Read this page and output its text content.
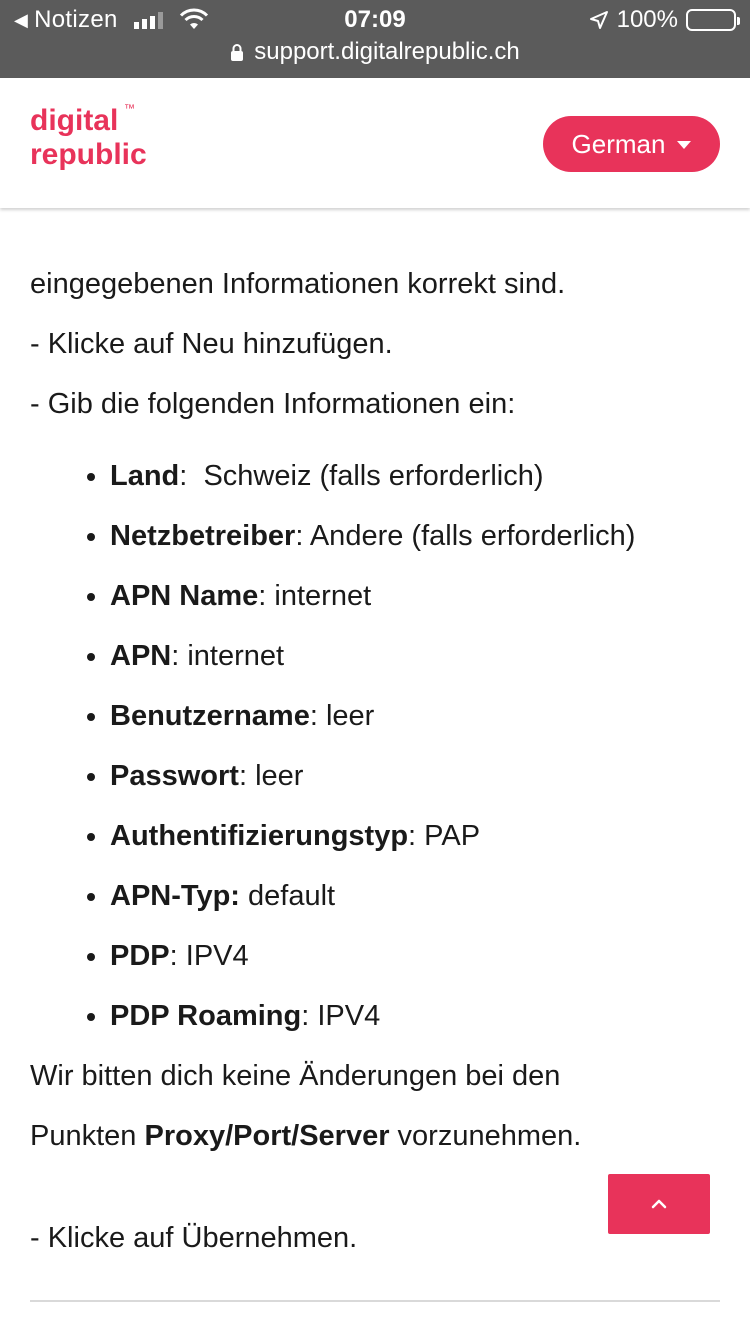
◀ Notizen	07:09	100%
support.digitalrepublic.ch
digital ™
republic	German

eingegebenen Informationen korrekt sind.

- Klicke auf Neu hinzufügen.

- Gib die folgenden Informationen ein:

• Land:  Schweiz (falls erforderlich)
• Netzbetreiber: Andere (falls erforderlich)
• APN Name: internet
• APN: internet
• Benutzername: leer
• Passwort: leer
• Authentifizierungstyp: PAP
• APN-Typ: default
• PDP: IPV4
• PDP Roaming: IPV4

Wir bitten dich keine Änderungen bei den

Punkten Proxy/Port/Server vorzunehmen.

- Klicke auf Übernehmen.
